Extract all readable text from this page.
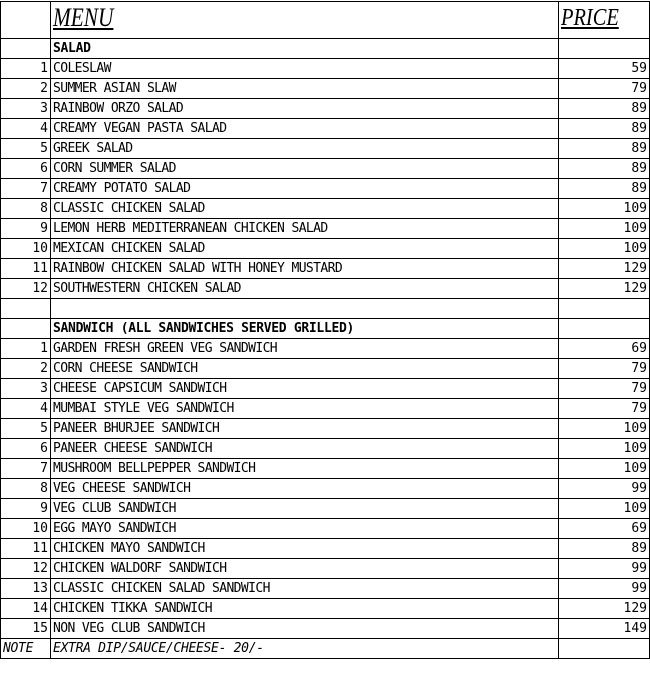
	MENU	PRICE
	SALAD	
1	COLESLAW	59
2	SUMMER ASIAN SLAW	79
3	RAINBOW ORZO SALAD	89
4	CREAMY VEGAN PASTA SALAD	89
5	GREEK SALAD	89
6	CORN SUMMER SALAD	89
7	CREAMY POTATO SALAD	89
8	CLASSIC CHICKEN SALAD	109
9	LEMON HERB MEDITERRANEAN CHICKEN SALAD	109
10	MEXICAN CHICKEN SALAD	109
11	RAINBOW CHICKEN SALAD WITH HONEY MUSTARD	129
12	SOUTHWESTERN CHICKEN SALAD	129

	SANDWICH (ALL SANDWICHES SERVED GRILLED)	
1	GARDEN FRESH GREEN VEG SANDWICH	69
2	CORN CHEESE SANDWICH	79
3	CHEESE CAPSICUM SANDWICH	79
4	MUMBAI STYLE VEG SANDWICH	79
5	PANEER BHURJEE SANDWICH	109
6	PANEER CHEESE SANDWICH	109
7	MUSHROOM BELLPEPPER SANDWICH	109
8	VEG CHEESE SANDWICH	99
9	VEG CLUB SANDWICH	109
10	EGG MAYO SANDWICH	69
11	CHICKEN MAYO SANDWICH	89
12	CHICKEN WALDORF SANDWICH	99
13	CLASSIC CHICKEN SALAD SANDWICH	99
14	CHICKEN TIKKA SANDWICH	129
15	NON VEG CLUB SANDWICH	149
NOTE	EXTRA DIP/SAUCE/CHEESE- 20/-	
